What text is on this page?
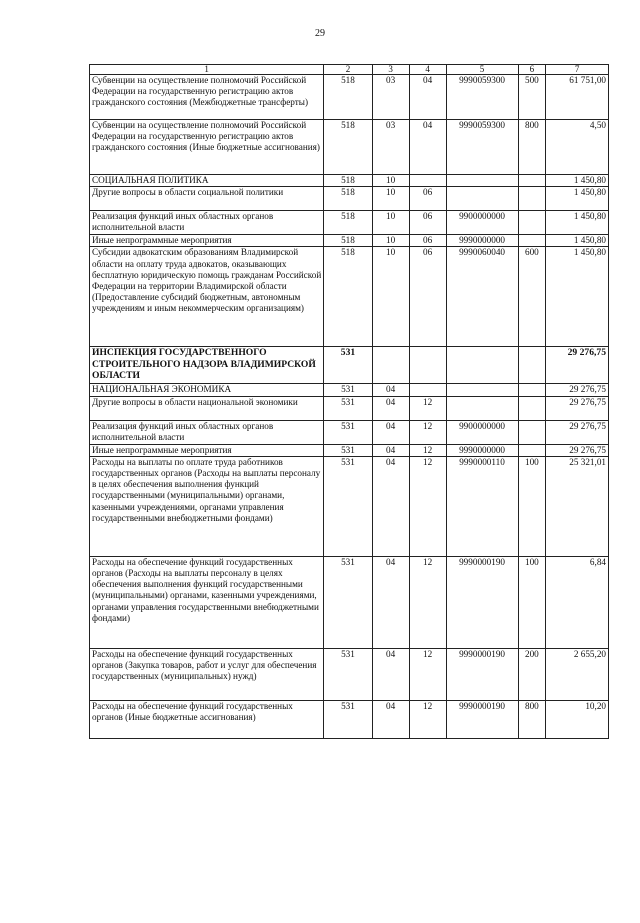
29
1	2	3	4	5	6	7
Субвенции на осуществление полномочий Российской Федерации на государственную регистрацию актов гражданского состояния (Межбюджетные трансферты)	518	03	04	9990059300	500	61 751,00
Субвенции на осуществление полномочий Российской Федерации на государственную регистрацию актов гражданского состояния (Иные бюджетные ассигнования)	518	03	04	9990059300	800	4,50
СОЦИАЛЬНАЯ ПОЛИТИКА	518	10				1 450,80
Другие вопросы в области социальной политики	518	10	06			1 450,80
Реализация функций иных областных органов исполнительной власти	518	10	06	9900000000		1 450,80
Иные непрограммные мероприятия	518	10	06	9990000000		1 450,80
Субсидии адвокатским образованиям Владимирской области на оплату труда адвокатов, оказывающих бесплатную юридическую помощь гражданам Российской Федерации на территории Владимирской области (Предоставление субсидий бюджетным, автономным учреждениям и иным некоммерческим организациям)	518	10	06	9990060040	600	1 450,80
ИНСПЕКЦИЯ ГОСУДАРСТВЕННОГО СТРОИТЕЛЬНОГО НАДЗОРА ВЛАДИМИРСКОЙ ОБЛАСТИ	531					29 276,75
НАЦИОНАЛЬНАЯ ЭКОНОМИКА	531	04				29 276,75
Другие вопросы в области национальной экономики	531	04	12			29 276,75
Реализация функций иных областных органов исполнительной власти	531	04	12	9900000000		29 276,75
Иные непрограммные мероприятия	531	04	12	9990000000		29 276,75
Расходы на выплаты по оплате труда работников государственных органов (Расходы на выплаты персоналу в целях обеспечения выполнения функций государственными (муниципальными) органами, казенными учреждениями, органами управления государственными внебюджетными фондами)	531	04	12	9990000110	100	25 321,01
Расходы на обеспечение функций государственных органов (Расходы на выплаты персоналу в целях обеспечения выполнения функций государственными (муниципальными) органами, казенными учреждениями, органами управления государственными внебюджетными фондами)	531	04	12	9990000190	100	6,84
Расходы на обеспечение функций государственных органов (Закупка товаров, работ и услуг для обеспечения государственных (муниципальных) нужд)	531	04	12	9990000190	200	2 655,20
Расходы на обеспечение функций государственных органов (Иные бюджетные ассигнования)	531	04	12	9990000190	800	10,20
